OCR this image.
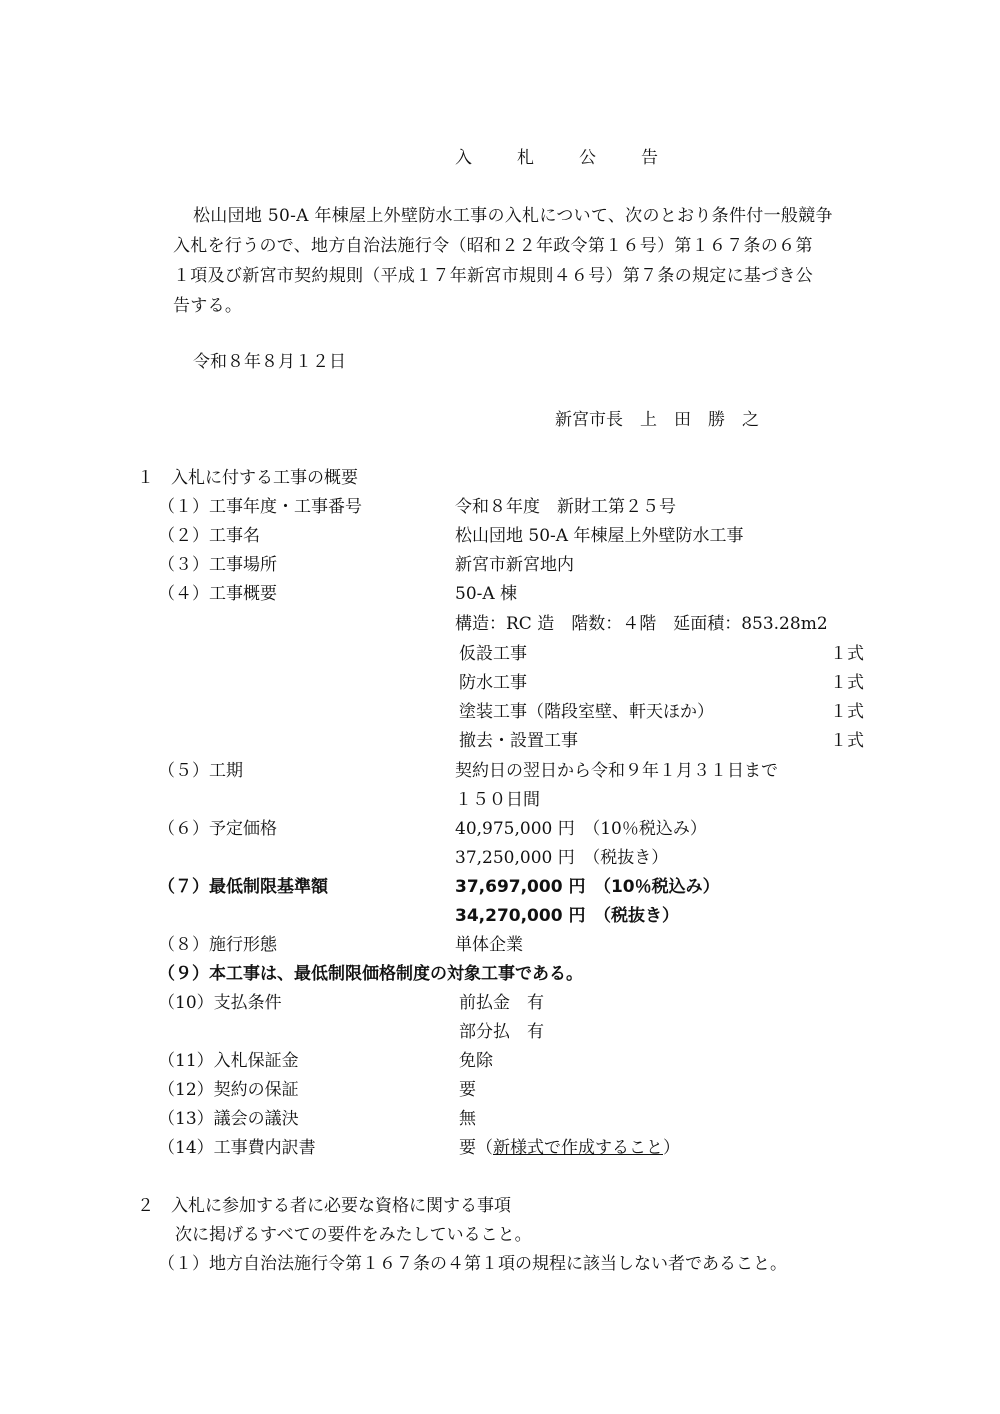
入　札　公　告
松山団地 50-A 年棟屋上外壁防水工事の入札について、次のとおり条件付一般競争
入札を行うので、地方自治法施行令（昭和２２年政令第１６号）第１６７条の６第
１項及び新宮市契約規則（平成１７年新宮市規則４６号）第７条の規定に基づき公
告する。
令和８年８月１２日
新宮市長　上　田　勝　之
１　入札に付する工事の概要
（１）工事年度・工事番号	令和８年度　新財工第２５号
（２）工事名	松山団地 50-A 年棟屋上外壁防水工事
（３）工事場所	新宮市新宮地内
（４）工事概要	50-A 棟
構造：RC 造　階数：４階　延面積：853.28m2
仮設工事	１式
防水工事	１式
塗装工事（階段室壁、軒天ほか）	１式
撤去・設置工事	１式
（５）工期	契約日の翌日から令和９年１月３１日まで
１５０日間
（６）予定価格	40,975,000 円　（10％税込み）
37,250,000 円　（税抜き）
（７）最低制限基準額	37,697,000 円　（10％税込み）
34,270,000 円　（税抜き）
（８）施行形態	単体企業
（９）本工事は、最低制限価格制度の対象工事である。
（10）支払条件	前払金　有
部分払　有
（11）入札保証金	免除
（12）契約の保証	要
（13）議会の議決	無
（14）工事費内訳書	要（新様式で作成すること）
２　入札に参加する者に必要な資格に関する事項
次に掲げるすべての要件をみたしていること。
（１）地方自治法施行令第１６７条の４第１項の規程に該当しない者であること。
